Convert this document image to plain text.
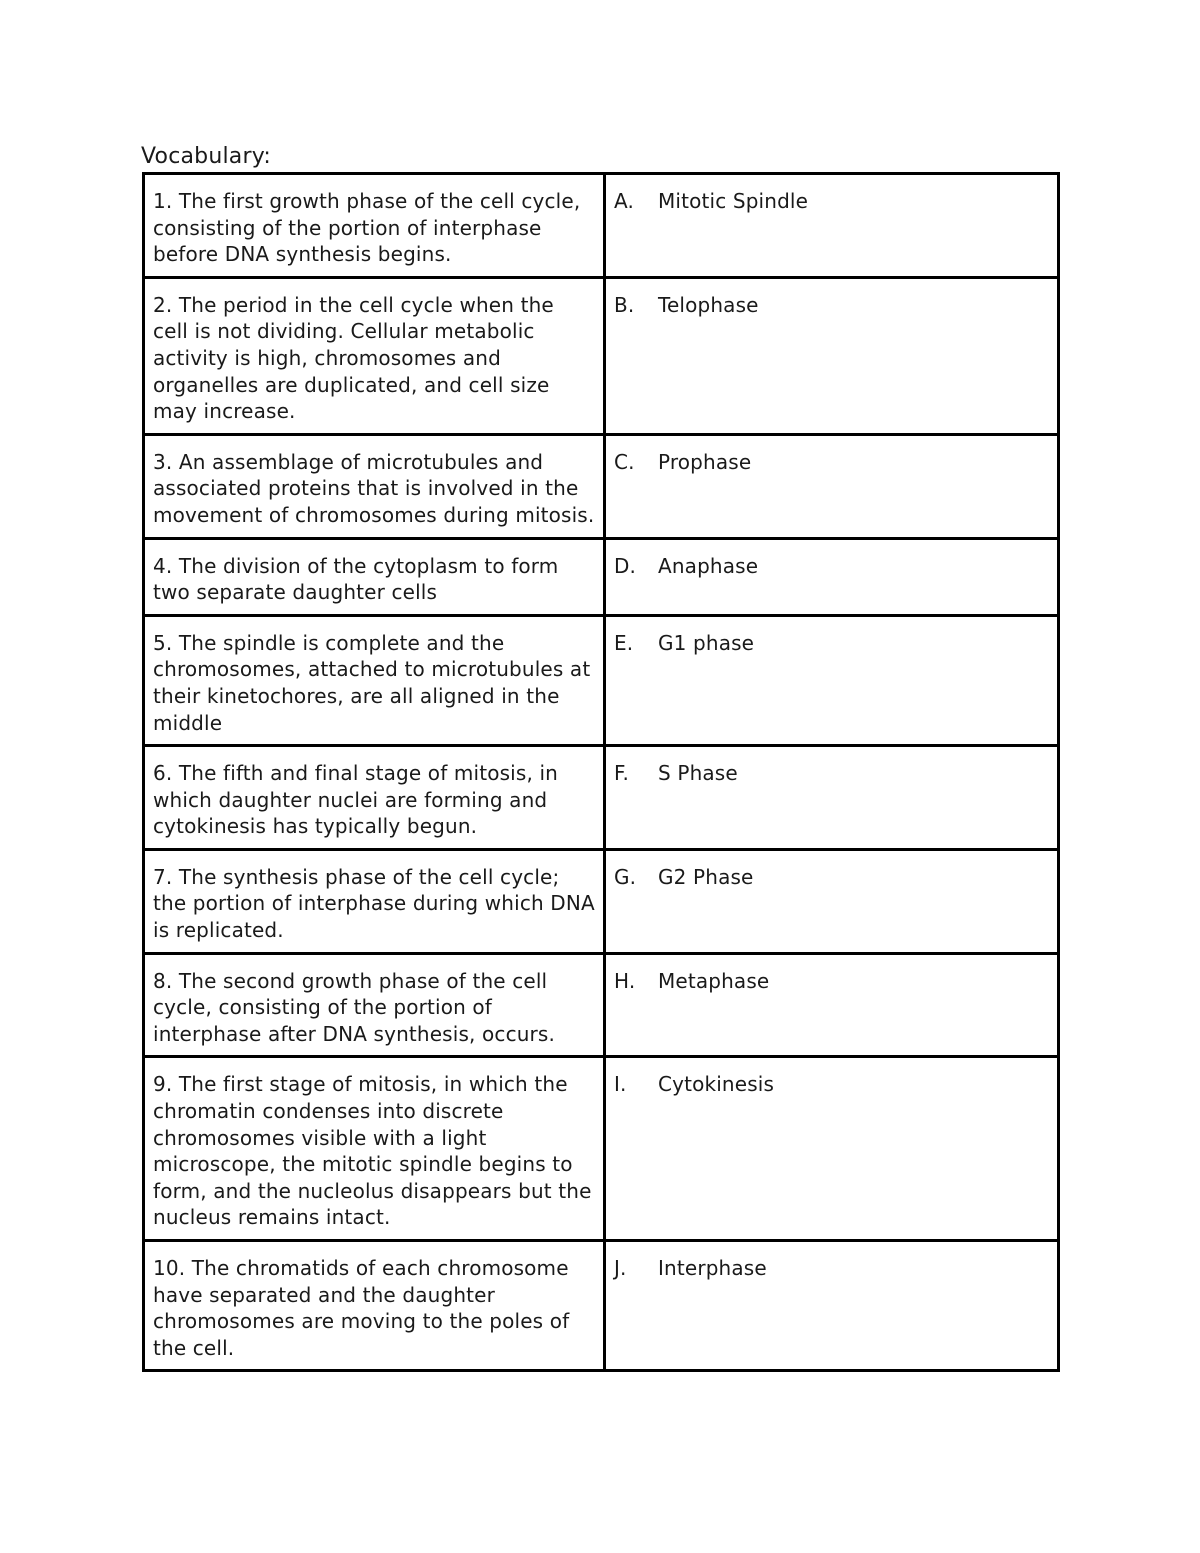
Vocabulary:
1. The first growth phase of the cell cycle, consisting of the portion of interphase before DNA synthesis begins.	A. Mitotic Spindle
2. The period in the cell cycle when the cell is not dividing. Cellular metabolic activity is high, chromosomes and organelles are duplicated, and cell size may increase.	B. Telophase
3. An assemblage of microtubules and associated proteins that is involved in the movement of chromosomes during mitosis.	C. Prophase
4. The division of the cytoplasm to form two separate daughter cells	D. Anaphase
5. The spindle is complete and the chromosomes, attached to microtubules at their kinetochores, are all aligned in the middle	E. G1 phase
6. The fifth and final stage of mitosis, in which daughter nuclei are forming and cytokinesis has typically begun.	F. S Phase
7. The synthesis phase of the cell cycle; the portion of interphase during which DNA is replicated.	G. G2 Phase
8. The second growth phase of the cell cycle, consisting of the portion of interphase after DNA synthesis, occurs.	H. Metaphase
9. The first stage of mitosis, in which the chromatin condenses into discrete chromosomes visible with a light microscope, the mitotic spindle begins to form, and the nucleolus disappears but the nucleus remains intact.	I. Cytokinesis
10. The chromatids of each chromosome have separated and the daughter chromosomes are moving to the poles of the cell.	J. Interphase
